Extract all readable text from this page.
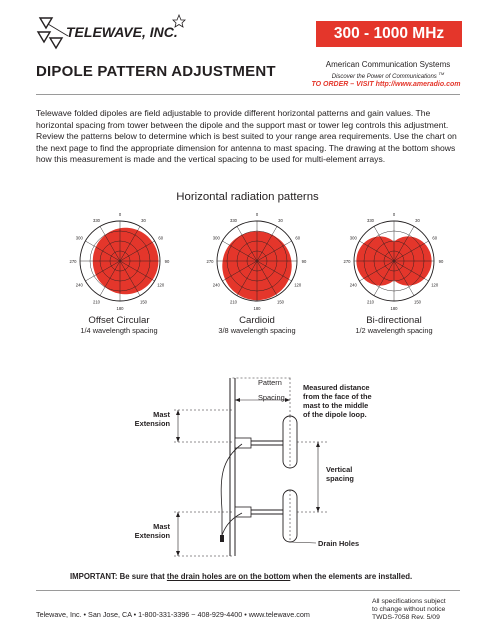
TELEWAVE, INC.	300 - 1000 MHz
DIPOLE PATTERN ADJUSTMENT	American Communication Systems
Discover the Power of Communications ™
TO ORDER – VISIT http://www.ameradio.com
Telewave folded dipoles are field adjustable to provide different horizontal patterns and gain values. The horizontal spacing from tower between the dipole and the support mast or tower leg controls this adjustment. Review the patterns below to determine which is best suited to your range area requirements. Use the chart on the next page to find the appropriate dimension for antenna to mast spacing. The drawing at the bottom shows how this measurement is made and the vertical spacing to be used for multi-element arrays.
Horizontal radiation patterns
0
30
60
90
120
150
180
210
240
270
300
330
0
30
60
90
120
150
180
210
240
270
300
330
0
30
60
90
120
150
180
210
240
270
300
330
Offset Circular
1/4 wavelength spacing
Cardioid
3/8 wavelength spacing
Bi-directional
1/2 wavelength spacing
Pattern
Spacing
Measured distance
from the face of the
mast to the middle
of the dipole loop.
Mast
Extension
Vertical
spacing
Mast
Extension
Drain Holes
IMPORTANT: Be sure that the drain holes are on the bottom when the elements are installed.
Telewave, Inc. • San Jose, CA • 1-800-331-3396 ~ 408-929-4400 • www.telewave.com
All specifications subject
to change without notice
TWDS-7058 Rev. 5/09
